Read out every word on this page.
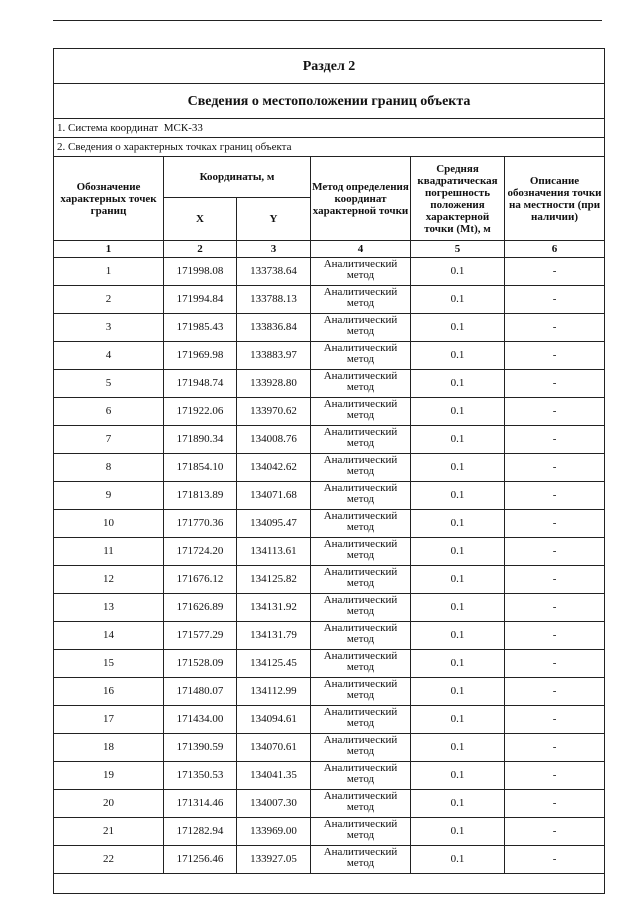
Раздел 2					
Сведения о местоположении границ объекта					
1. Система координат МСК-33					
2. Сведения о характерных точках границ объекта					
Обозначение характерных точек границ	Координаты, м		Метод определения координат характерной точки	Средняя квадратическая погрешность положения характерной точки (Mt), м	Описание обозначения точки на местности (при наличии)
	X	Y			
1	2	3	4	5	6
1	171998.08	133738.64	Аналитический метод	0.1	-
2	171994.84	133788.13	Аналитический метод	0.1	-
3	171985.43	133836.84	Аналитический метод	0.1	-
4	171969.98	133883.97	Аналитический метод	0.1	-
5	171948.74	133928.80	Аналитический метод	0.1	-
6	171922.06	133970.62	Аналитический метод	0.1	-
7	171890.34	134008.76	Аналитический метод	0.1	-
8	171854.10	134042.62	Аналитический метод	0.1	-
9	171813.89	134071.68	Аналитический метод	0.1	-
10	171770.36	134095.47	Аналитический метод	0.1	-
11	171724.20	134113.61	Аналитический метод	0.1	-
12	171676.12	134125.82	Аналитический метод	0.1	-
13	171626.89	134131.92	Аналитический метод	0.1	-
14	171577.29	134131.79	Аналитический метод	0.1	-
15	171528.09	134125.45	Аналитический метод	0.1	-
16	171480.07	134112.99	Аналитический метод	0.1	-
17	171434.00	134094.61	Аналитический метод	0.1	-
18	171390.59	134070.61	Аналитический метод	0.1	-
19	171350.53	134041.35	Аналитический метод	0.1	-
20	171314.46	134007.30	Аналитический метод	0.1	-
21	171282.94	133969.00	Аналитический метод	0.1	-
22	171256.46	133927.05	Аналитический метод	0.1	-
